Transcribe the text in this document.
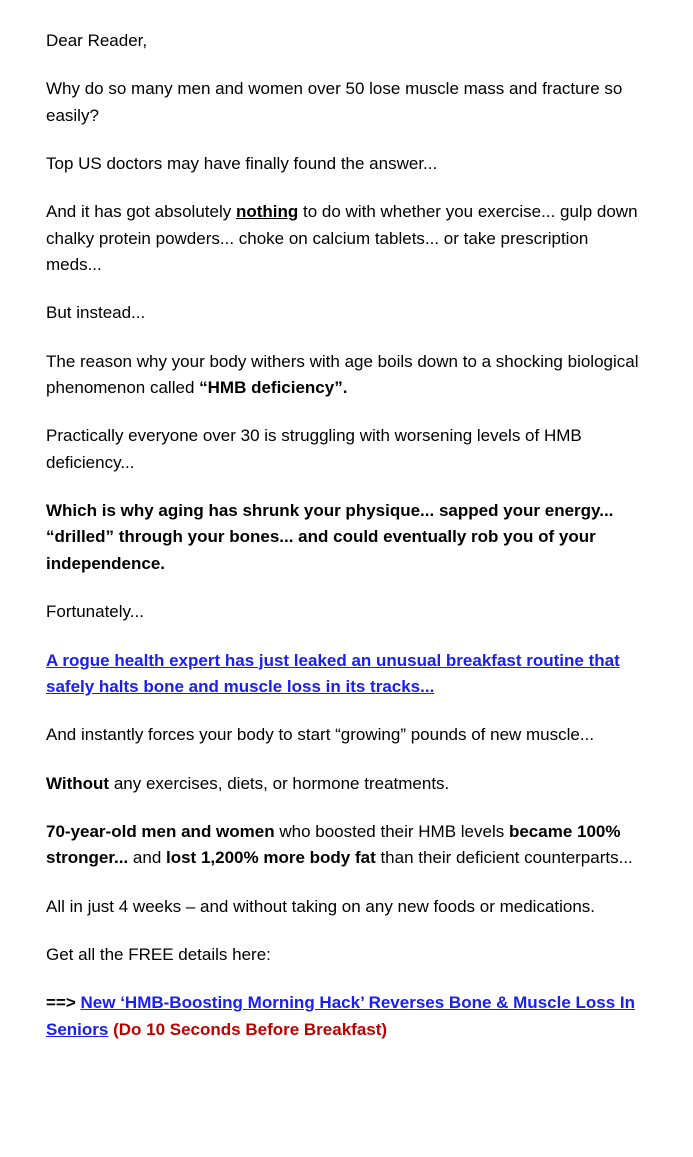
Dear Reader,

Why do so many men and women over 50 lose muscle mass and fracture so easily?

Top US doctors may have finally found the answer...

And it has got absolutely nothing to do with whether you exercise... gulp down chalky protein powders... choke on calcium tablets... or take prescription meds...

But instead...

The reason why your body withers with age boils down to a shocking biological phenomenon called “HMB deficiency”.

Practically everyone over 30 is struggling with worsening levels of HMB deficiency...

Which is why aging has shrunk your physique... sapped your energy... “drilled” through your bones... and could eventually rob you of your independence.

Fortunately...

A rogue health expert has just leaked an unusual breakfast routine that safely halts bone and muscle loss in its tracks...

And instantly forces your body to start “growing” pounds of new muscle...

Without any exercises, diets, or hormone treatments.

70-year-old men and women who boosted their HMB levels became 100% stronger... and lost 1,200% more body fat than their deficient counterparts...

All in just 4 weeks – and without taking on any new foods or medications.

Get all the FREE details here:

==> New ‘HMB-Boosting Morning Hack’ Reverses Bone & Muscle Loss In Seniors (Do 10 Seconds Before Breakfast)
